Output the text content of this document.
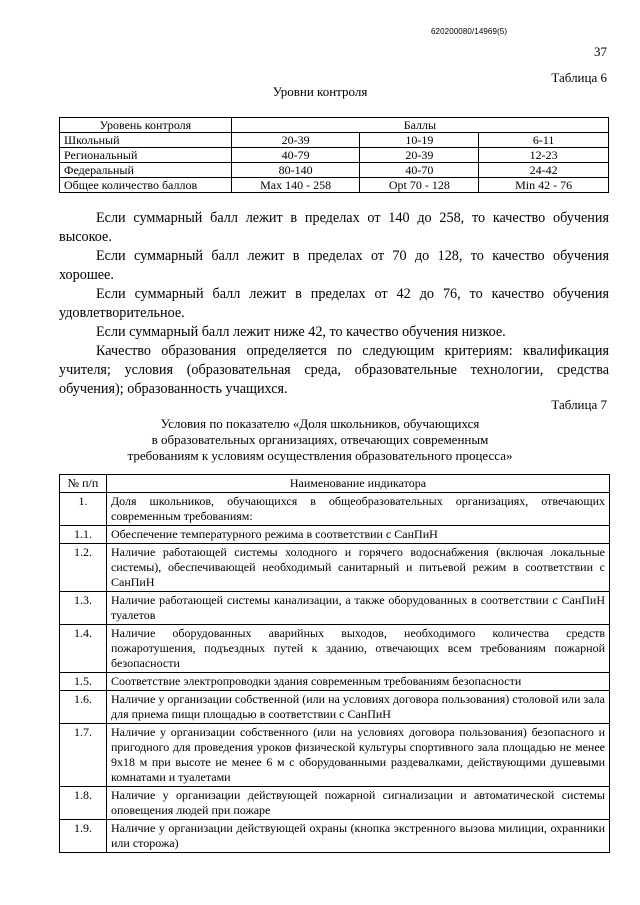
620200080/14969(5)
37
Таблица 6
Уровни контроля
Уровень контроля	Баллы		
Школьный	20-39	10-19	6-11
Региональный	40-79	20-39	12-23
Федеральный	80-140	40-70	24-42
Общее количество баллов	Max 140 - 258	Opt 70 - 128	Min 42 - 76

Если суммарный балл лежит в пределах от 140 до 258, то качество обучения высокое.

Если суммарный балл лежит в пределах от 70 до 128, то качество обучения хорошее.

Если суммарный балл лежит в пределах от 42 до 76, то качество обучения удовлетворительное.

Если суммарный балл лежит ниже 42, то качество обучения низкое.

Качество образования определяется по следующим критериям: квалификация учителя; условия (образовательная среда, образовательные технологии, средства обучения); образованность учащихся.

Таблица 7
Условия по показателю «Доля школьников, обучающихся
в образовательных организациях, отвечающих современным
требованиям к условиям осуществления образовательного процесса»
№ п/п	Наименование индикатора
1.	Доля школьников, обучающихся в общеобразовательных организациях, отвечающих современным требованиям:
1.1.	Обеспечение температурного режима в соответствии с СанПиН
1.2.	Наличие работающей системы холодного и горячего водоснабжения (включая локальные системы), обеспечивающей необходимый санитарный и питьевой режим в соответствии с СанПиН
1.3.	Наличие работающей системы канализации, а также оборудованных в соответствии с СанПиН туалетов
1.4.	Наличие оборудованных аварийных выходов, необходимого количества средств пожаротушения, подъездных путей к зданию, отвечающих всем требованиям пожарной безопасности
1.5.	Соответствие электропроводки здания современным требованиям безопасности
1.6.	Наличие у организации собственной (или на условиях договора пользования) столовой или зала для приема пищи площадью в соответствии с СанПиН
1.7.	Наличие у организации собственного (или на условиях договора пользования) безопасного и пригодного для проведения уроков физической культуры спортивного зала площадью не менее 9х18 м при высоте не менее 6 м с оборудованными раздевалками, действующими душевыми комнатами и туалетами
1.8.	Наличие у организации действующей пожарной сигнализации и автоматической системы оповещения людей при пожаре
1.9.	Наличие у организации действующей охраны (кнопка экстренного вызова милиции, охранники или сторожа)
